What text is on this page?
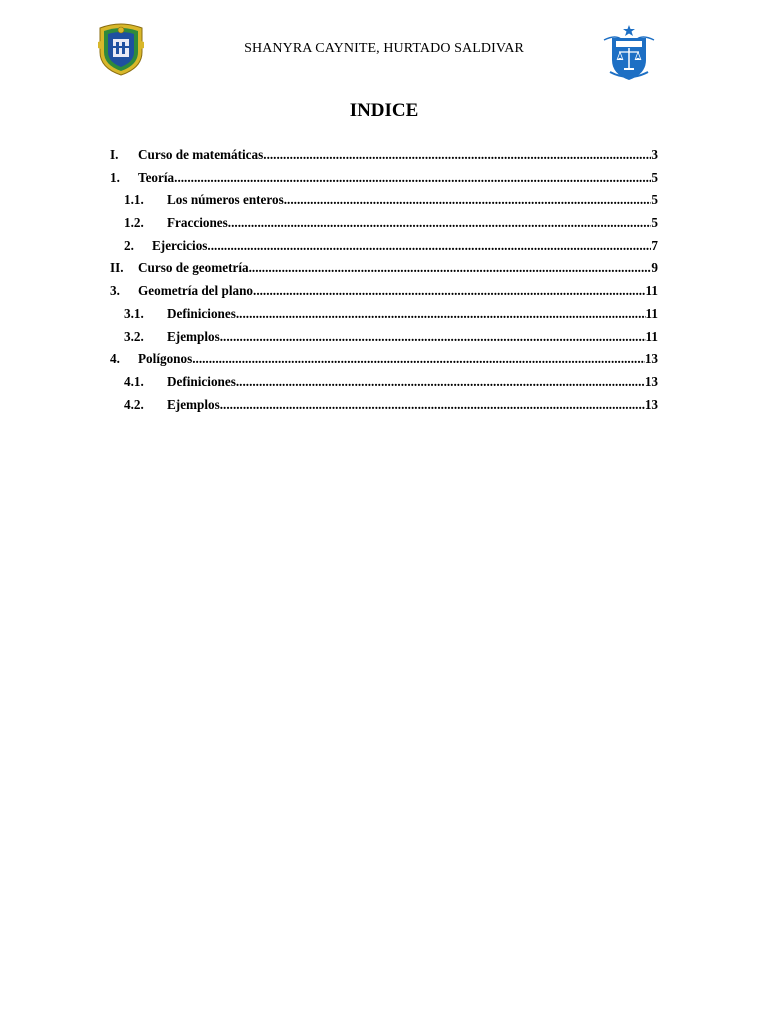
SHANYRA CAYNITE, HURTADO SALDIVAR
INDICE
I.	Curso de matemáticas .....	3
1.	Teoría .....	5
1.1.	Los números enteros .....	5
1.2.	Fracciones .....	5
2.	Ejercicios .....	7
II.	Curso de geometría .....	9
3.	Geometría del plano .....	11
3.1.	Definiciones .....	11
3.2.	Ejemplos .....	11
4.	Polígonos .....	13
4.1.	Definiciones .....	13
4.2.	Ejemplos .....	13
